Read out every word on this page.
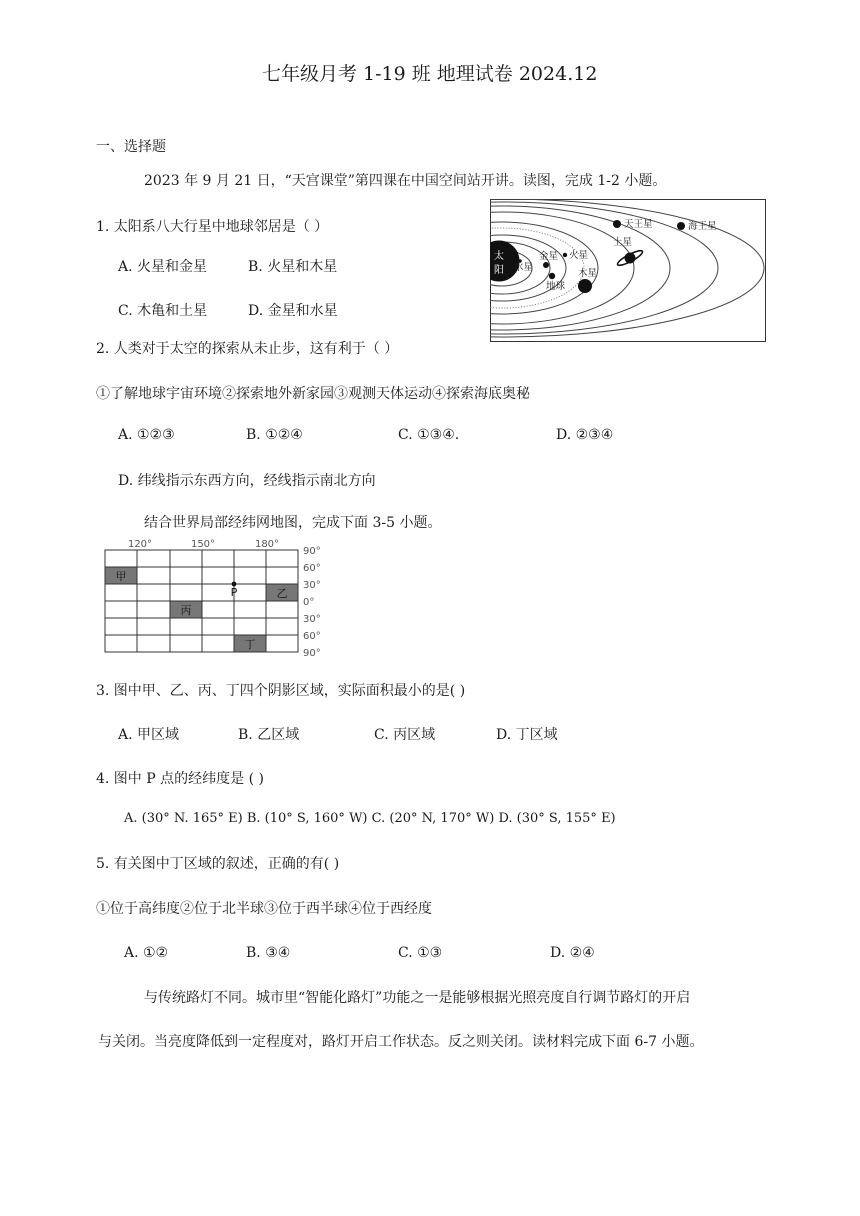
七年级月考 1-19 班 地理试卷 2024.12
一、选择题
2023 年 9 月 21 日，“天宫课堂”第四课在中国空间站开讲。读图，完成 1-2 小题。
1. 太阳系八大行星中地球邻居是（ ）
A. 火星和金星	B. 火星和木星
C. 木亀和土星	D. 金星和水星
太
阳 水星
金星
地球
火星
木星
土星
天王星	海王星
2. 人类对于太空的探索从未止步，这有利于（ ）
①了解地球宇宙环境②探索地外新家园③观测天体运动④探索海底奥秘
A. ①②③	B. ①②④	C. ①③④.	D. ②③④
D. 纬线指示东西方向，经线指示南北方向
结合世界局部经纬网地图，完成下面 3-5 小题。
120°	150°	180°
甲
乙
丙
丁
P
90°
60°
30°
0°
30°
60°
90°
3. 图中甲、乙、丙、丁四个阴影区域，实际面积最小的是( )
A. 甲区域	B. 乙区域	C. 丙区域	D. 丁区域
4. 图中 P 点的经纬度是 ( )
A. (30° N. 165° E) B. (10° S, 160° W) C. (20° N, 170° W) D. (30° S, 155° E)
5. 有关图中丁区域的叙述，正确的有( )
①位于高纬度②位于北半球③位于西半球④位于西经度
A. ①②	B. ③④	C. ①③	D. ②④
与传统路灯不同。城市里“智能化路灯”功能之一是能够根据光照亮度自行调节路灯的开启
与关闭。当亮度降低到一定程度对，路灯开启工作状态。反之则关闭。读材料完成下面 6-7 小题。
